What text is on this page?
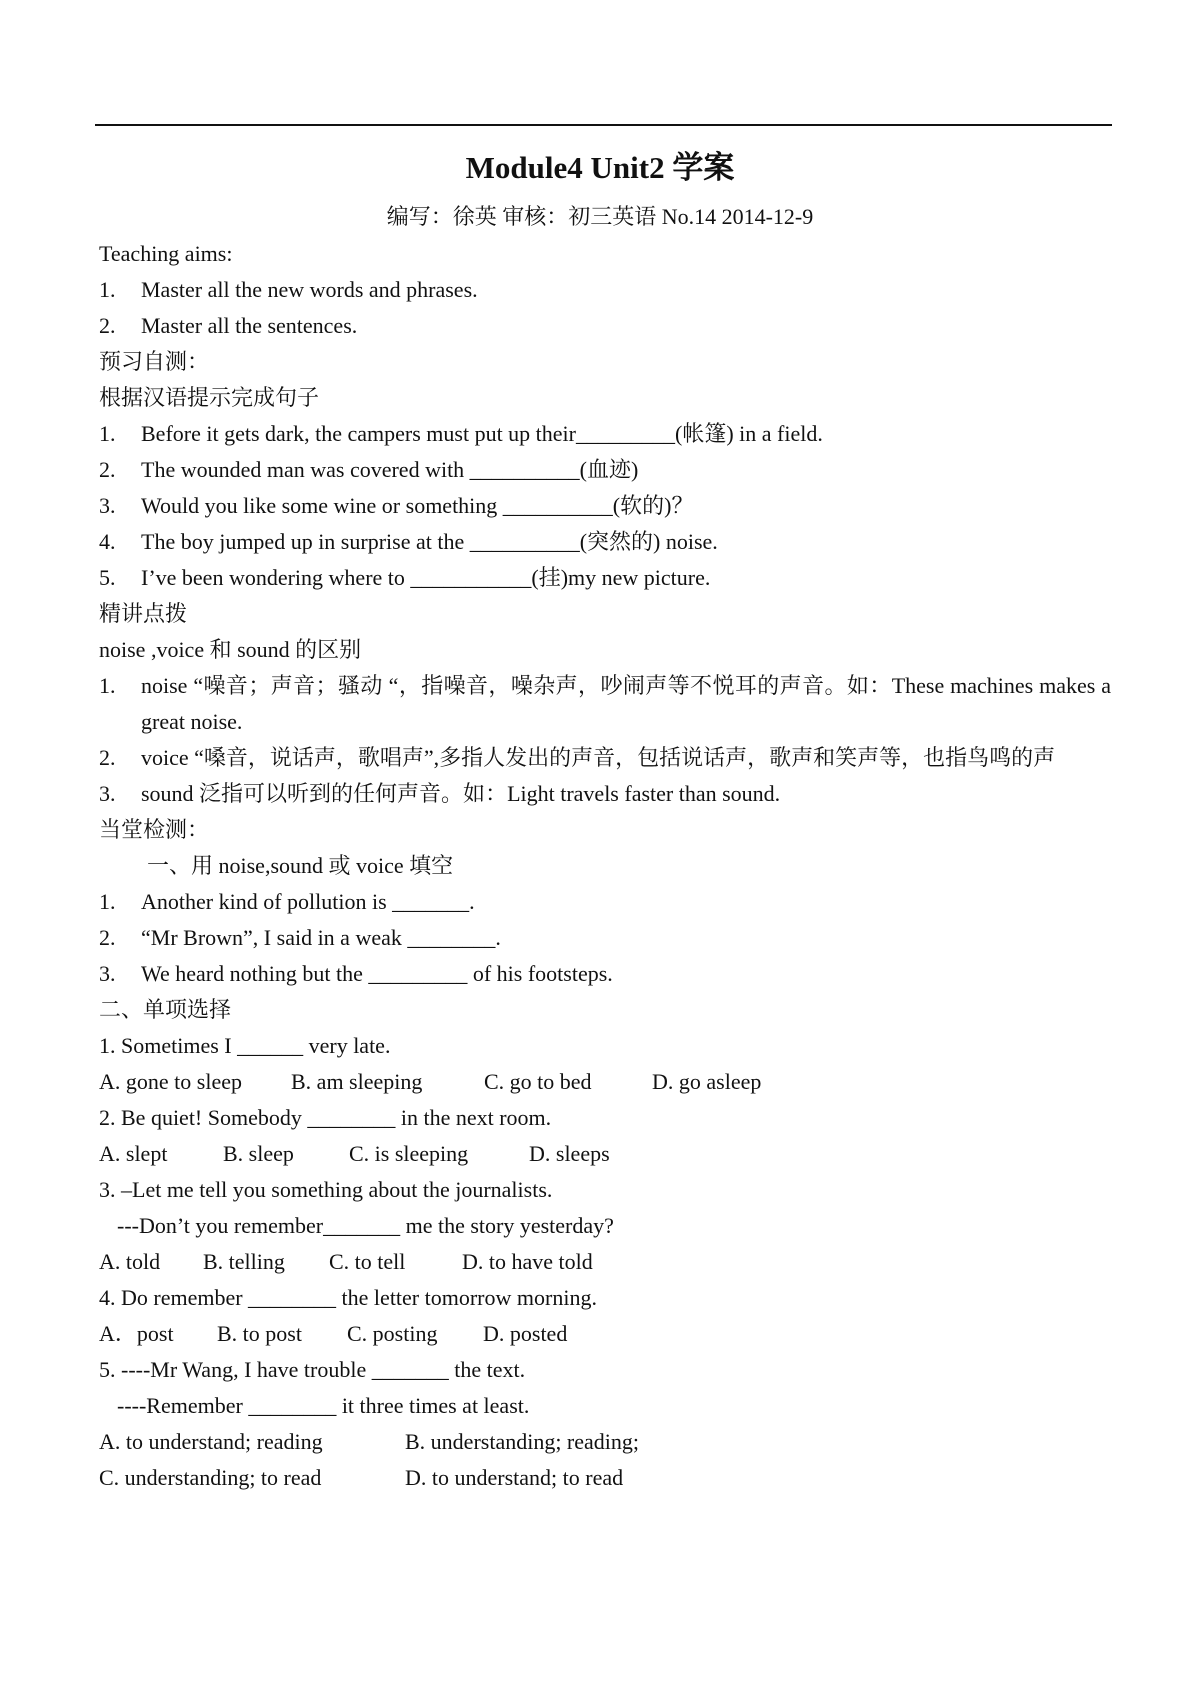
Module4 Unit2 学案
编写：徐英 审核：初三英语 No.14 2014-12-9
Teaching aims:
1.	Master all the new words and phrases.
2.	Master all the sentences.
预习自测：
根据汉语提示完成句子
1.	Before it gets dark, the campers must put up their_________(帐篷) in a field.
2.	The wounded man was covered with __________(血迹)
3.	Would you like some wine or something __________(软的)？
4.	The boy jumped up in surprise at the __________(突然的) noise.
5.	I’ve been wondering where to ___________(挂)my new picture.
精讲点拨
noise ,voice 和 sound 的区别
1.	noise “噪音；声音；骚动 “，指噪音，噪杂声，吵闹声等不悦耳的声音。如：These machines makes a great noise.
2.	voice “嗓音，说话声，歌唱声”,多指人发出的声音，包括说话声，歌声和笑声等，也指鸟鸣的声
3.	sound 泛指可以听到的任何声音。如：Light travels faster than sound.
当堂检测：
一、用 noise,sound 或 voice 填空
1.	Another kind of pollution is _______.
2.	“Mr Brown”, I said in a weak ________.
3.	We heard nothing but the _________ of his footsteps.
二、单项选择
1. Sometimes I ______ very late.
A. gone to sleep	B. am sleeping	C. go to bed	D. go asleep
2. Be quiet! Somebody ________ in the next room.
A. slept	B. sleep	C. is sleeping	D. sleeps
3. –Let me tell you something about the journalists.
---Don’t you remember_______ me the story yesterday?
A. told	B. telling	C. to tell	D. to have told
4. Do remember ________ the letter tomorrow morning.
A．post	B. to post	C. posting	D. posted
5. ----Mr Wang, I have trouble _______ the text.
----Remember ________ it three times at least.
A. to understand; reading	B. understanding; reading;
C. understanding; to read	D. to understand; to read
